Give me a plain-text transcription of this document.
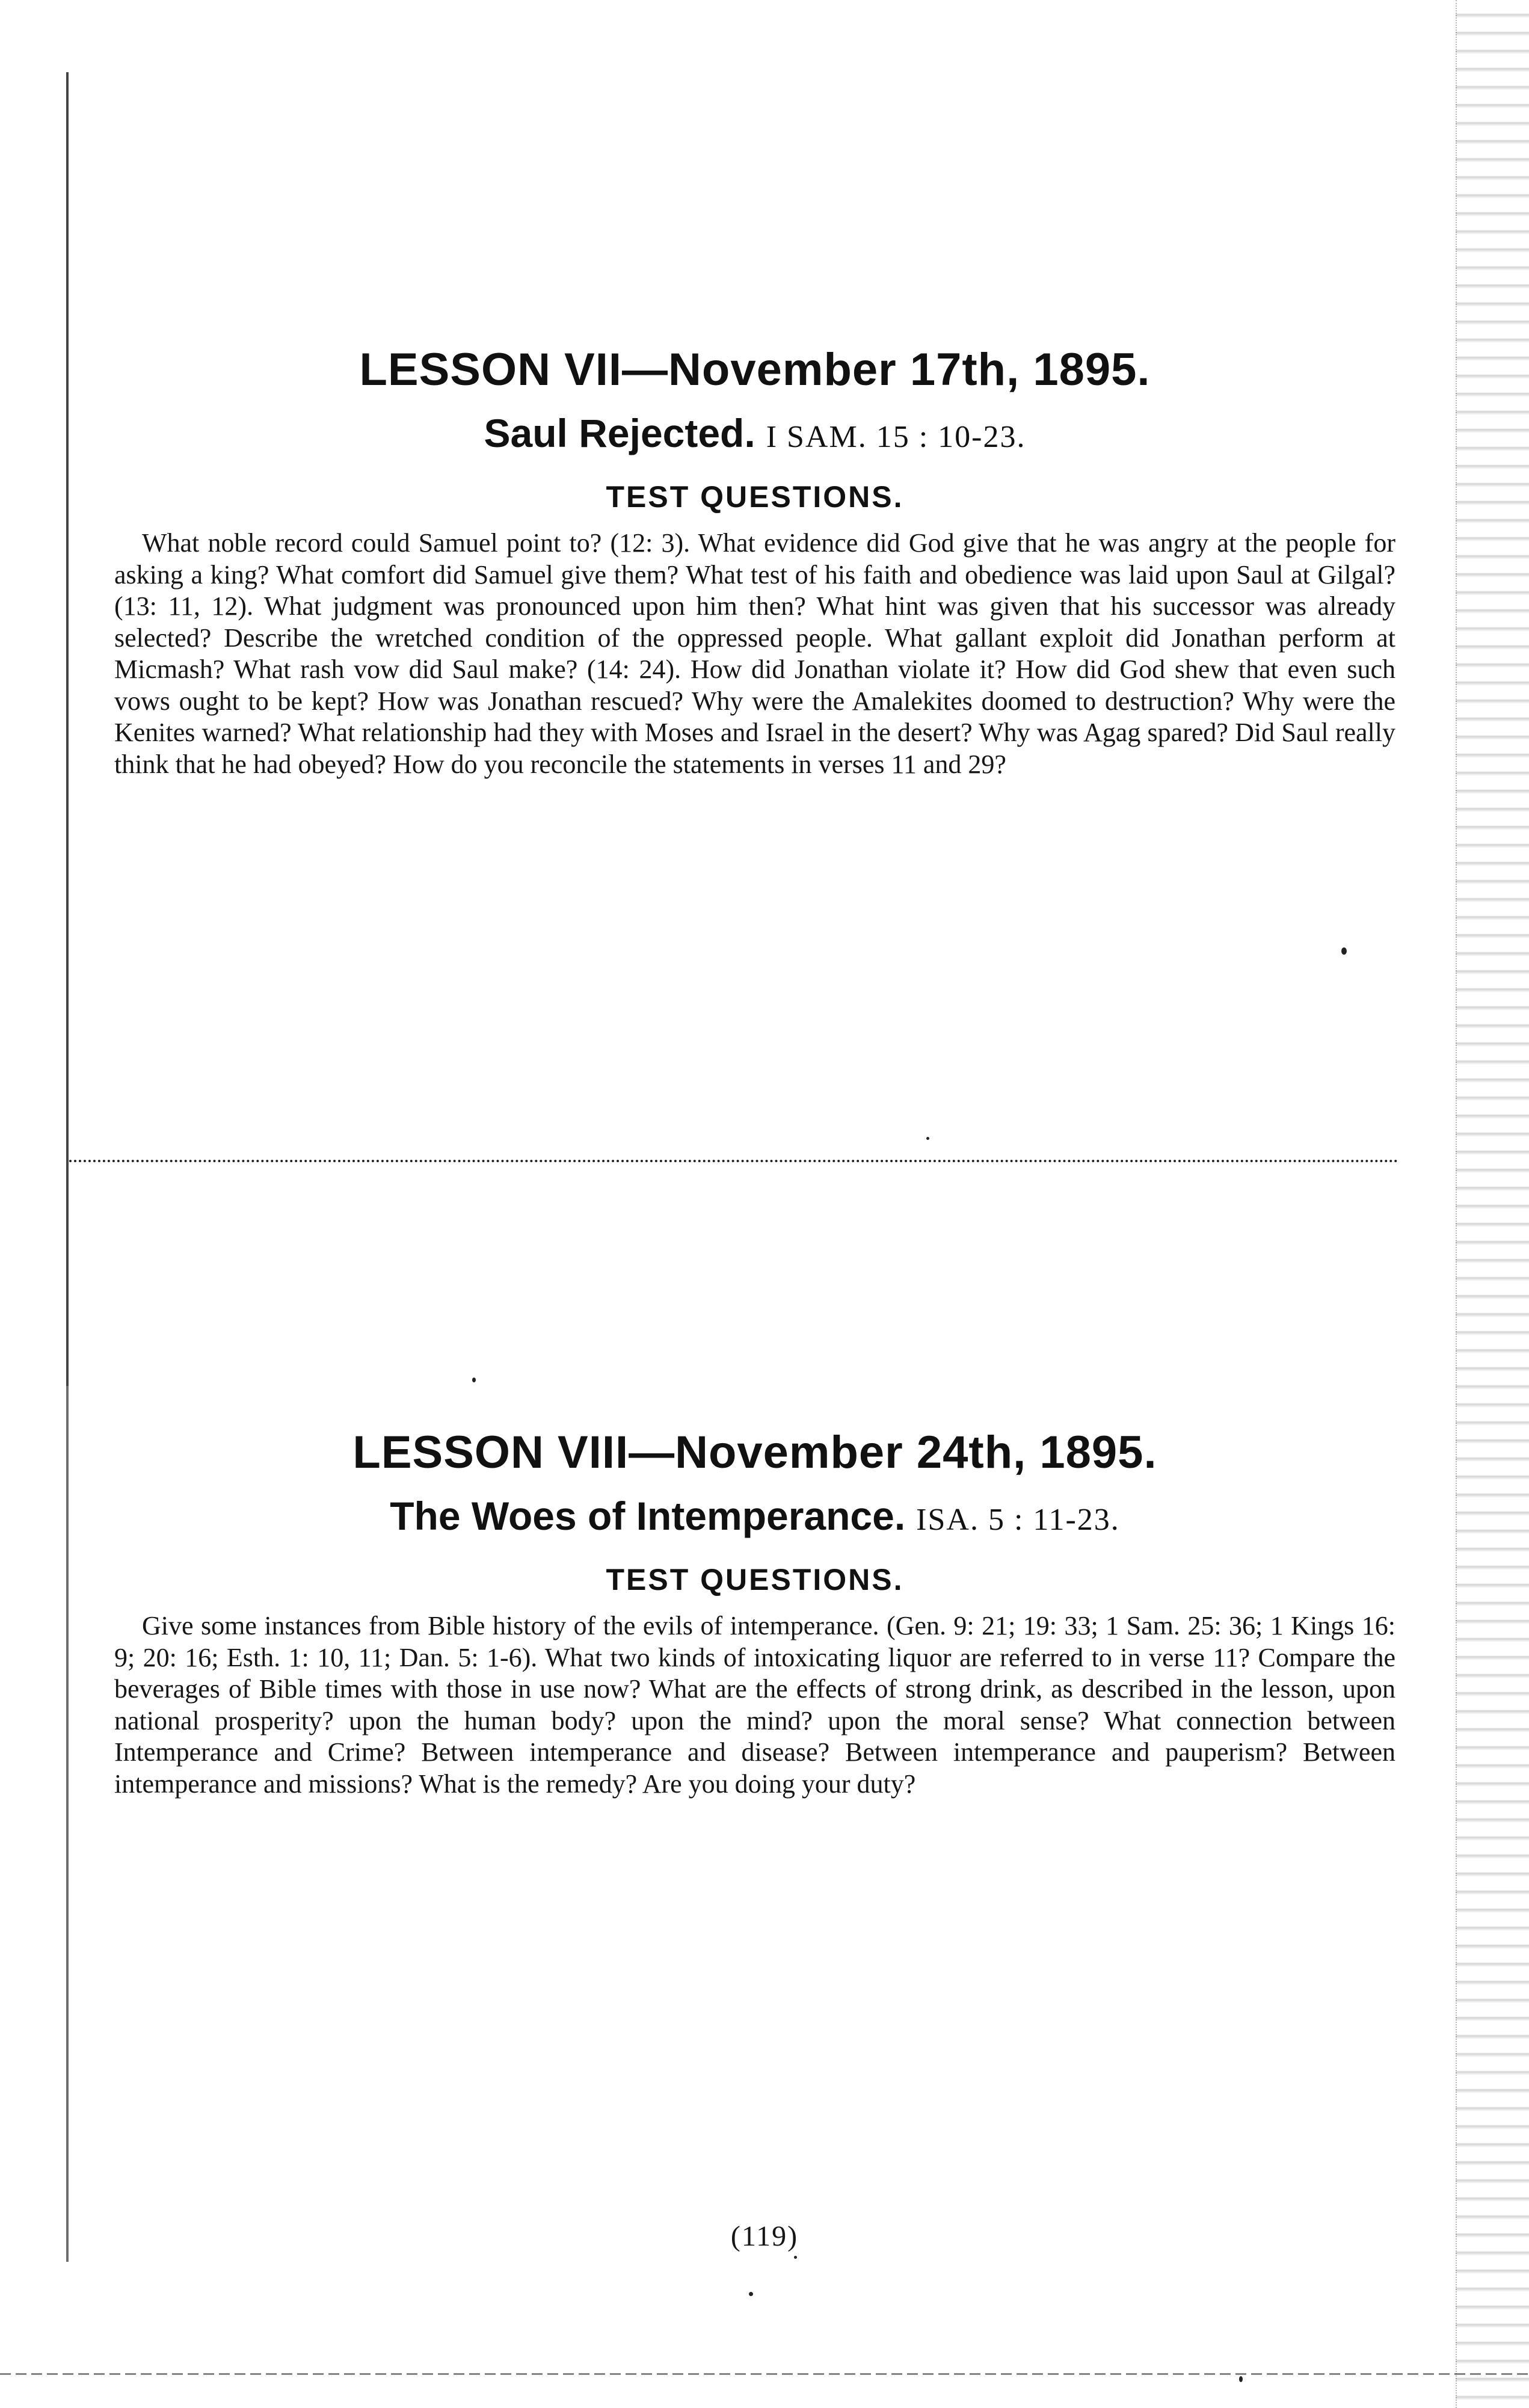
LESSON VII—November 17th, 1895.
Saul Rejected. I SAM. 15 : 10-23.
TEST QUESTIONS.

What noble record could Samuel point to? (12: 3). What evidence did God give that he was angry at the people for asking a king? What comfort did Samuel give them? What test of his faith and obedience was laid upon Saul at Gilgal? (13: 11, 12). What judgment was pronounced upon him then? What hint was given that his successor was already selected? Describe the wretched condition of the oppressed people. What gallant exploit did Jonathan perform at Micmash? What rash vow did Saul make? (14: 24). How did Jonathan violate it? How did God shew that even such vows ought to be kept? How was Jonathan rescued? Why were the Amalekites doomed to destruction? Why were the Kenites warned? What relationship had they with Moses and Israel in the desert? Why was Agag spared? Did Saul really think that he had obeyed? How do you reconcile the statements in verses 11 and 29?

LESSON VIII—November 24th, 1895.
The Woes of Intemperance. ISA. 5 : 11-23.
TEST QUESTIONS.

Give some instances from Bible history of the evils of intemperance. (Gen. 9: 21; 19: 33; 1 Sam. 25: 36; 1 Kings 16: 9; 20: 16; Esth. 1: 10, 11; Dan. 5: 1-6). What two kinds of intoxicating liquor are referred to in verse 11? Compare the beverages of Bible times with those in use now? What are the effects of strong drink, as described in the lesson, upon national prosperity? upon the human body? upon the mind? upon the moral sense? What connection between Intemperance and Crime? Between intemperance and disease? Between intemperance and pauperism? Between intemperance and missions? What is the remedy? Are you doing your duty?

(119)
